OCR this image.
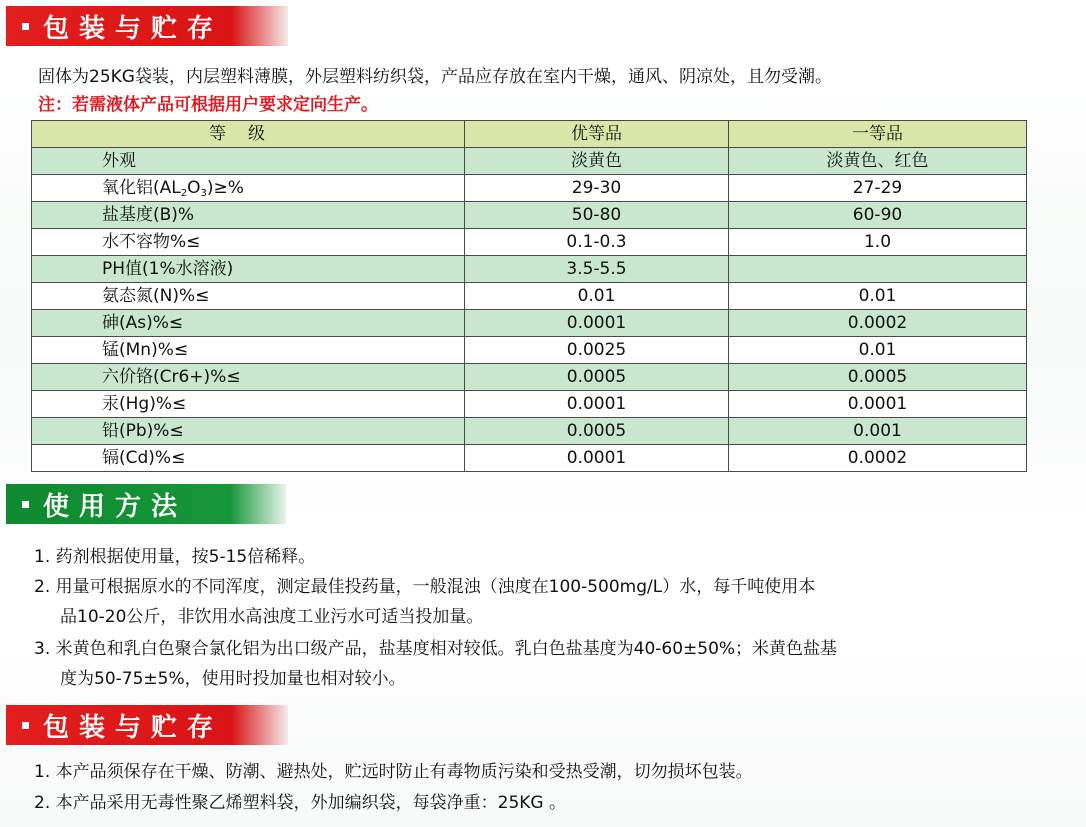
包装与贮存
固体为25KG袋装，内层塑料薄膜，外层塑料纺织袋，产品应存放在室内干燥，通风、阴凉处，且勿受潮。
注：若需液体产品可根据用户要求定向生产。
等级	优等品	一等品
外观	淡黄色	淡黄色、红色
氧化铝$(AL_2O_3)\ge\%$	29-30	27-29
盐基度(B)%	50-80	60-90
水不容物%≤	0.1-0.3	1.0
PH值(1%水溶液)	3.5-5.5	
氨态氮(N)%≤	0.01	0.01
砷(As)%≤	0.0001	0.0002
锰(Mn)%≤	0.0025	0.01
六价铬(Cr6+)%≤	0.0005	0.0005
汞(Hg)%≤	0.0001	0.0001
铅(Pb)%≤	0.0005	0.001
镉(Cd)%≤	0.0001	0.0002
使用方法
1. 药剂根据使用量，按5-15倍稀释。
2. 用量可根据原水的不同浑度，测定最佳投药量，一般混浊（浊度在100-500mg/L）水，每千吨使用本
品10-20公斤，非饮用水高浊度工业污水可适当投加量。
3. 米黄色和乳白色聚合氯化铝为出口级产品，盐基度相对较低。乳白色盐基度为40-60±50%；米黄色盐基
度为50-75±5%，使用时投加量也相对较小。
包装与贮存
1. 本产品须保存在干燥、防潮、避热处，贮远时防止有毒物质污染和受热受潮，切勿损坏包装。
2. 本产品采用无毒性聚乙烯塑料袋，外加编织袋，每袋净重：25KG 。
